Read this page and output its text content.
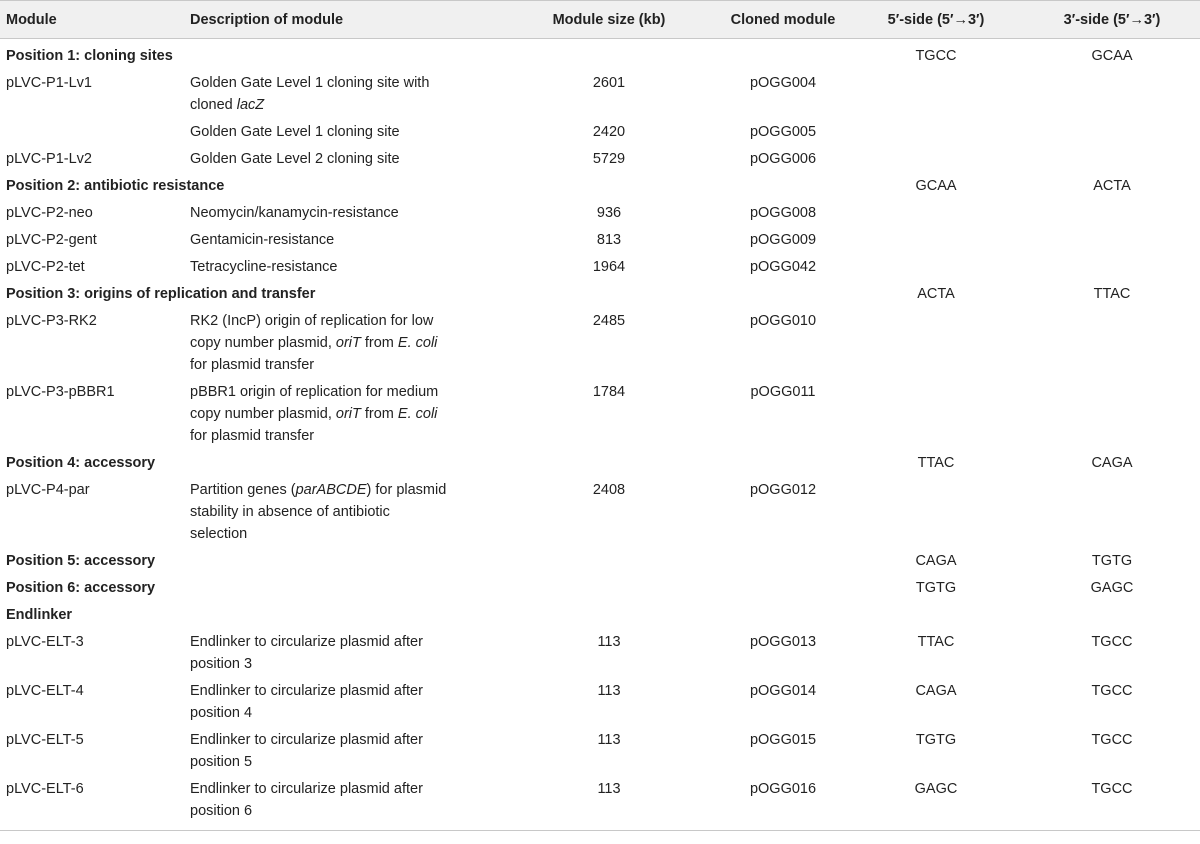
Module	Description of module	Module size (kb)	Cloned module	5′-side (5′→3′)	3′-side (5′→3′)
Position 1: cloning sites				TGCC	GCAA
pLVC-P1-Lv1	Golden Gate Level 1 cloning site with
cloned lacZ	2601	pOGG004		
	Golden Gate Level 1 cloning site	2420	pOGG005		
pLVC-P1-Lv2	Golden Gate Level 2 cloning site	5729	pOGG006		
Position 2: antibiotic resistance				GCAA	ACTA
pLVC-P2-neo	Neomycin/kanamycin-resistance	936	pOGG008		
pLVC-P2-gent	Gentamicin-resistance	813	pOGG009		
pLVC-P2-tet	Tetracycline-resistance	1964	pOGG042		
Position 3: origins of replication and transfer				ACTA	TTAC
pLVC-P3-RK2	RK2 (IncP) origin of replication for low
copy number plasmid, oriT from E. coli
for plasmid transfer	2485	pOGG010		
pLVC-P3-pBBR1	pBBR1 origin of replication for medium
copy number plasmid, oriT from E. coli
for plasmid transfer	1784	pOGG011		
Position 4: accessory				TTAC	CAGA
pLVC-P4-par	Partition genes (parABCDE) for plasmid
stability in absence of antibiotic
selection	2408	pOGG012		
Position 5: accessory				CAGA	TGTG
Position 6: accessory				TGTG	GAGC
Endlinker					
pLVC-ELT-3	Endlinker to circularize plasmid after
position 3	113	pOGG013	TTAC	TGCC
pLVC-ELT-4	Endlinker to circularize plasmid after
position 4	113	pOGG014	CAGA	TGCC
pLVC-ELT-5	Endlinker to circularize plasmid after
position 5	113	pOGG015	TGTG	TGCC
pLVC-ELT-6	Endlinker to circularize plasmid after
position 6	113	pOGG016	GAGC	TGCC
